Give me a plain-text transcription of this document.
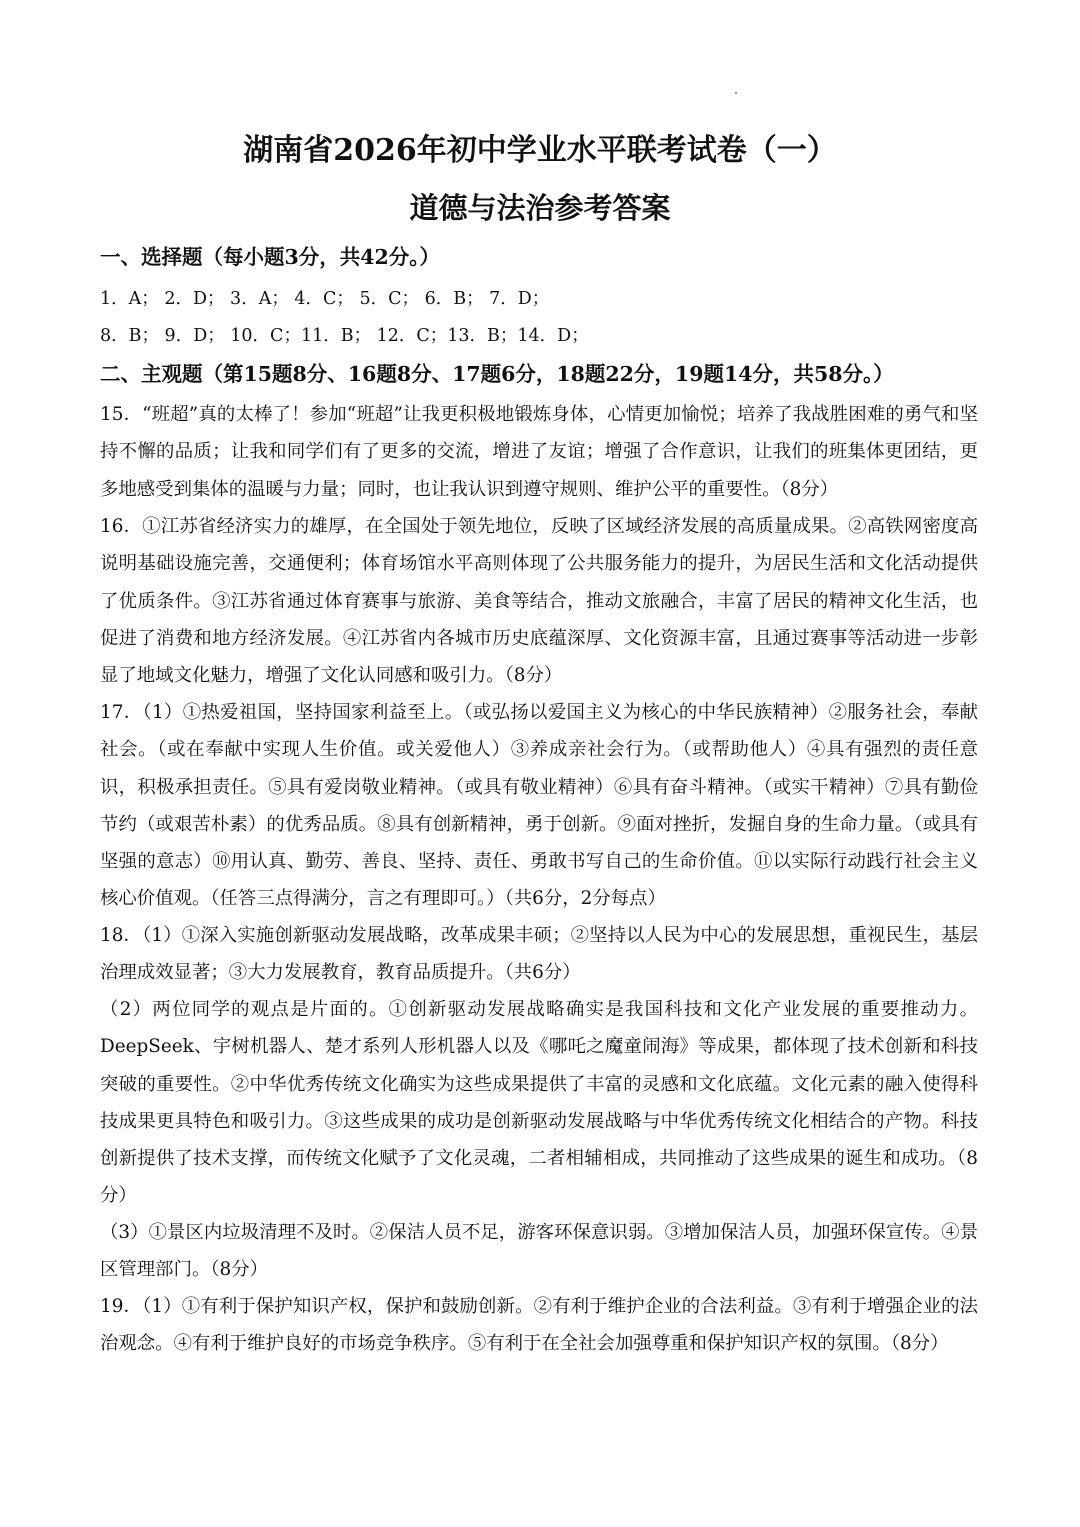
湖南省2026年初中学业水平联考试卷（一）
道德与法治参考答案
一、选择题（每小题3分，共42分。）
1．A； 2．D； 3．A； 4．C； 5．C； 6．B； 7．D；
8．B； 9．D； 10．C；11．B； 12．C；13．B；14．D；
二、主观题（第15题8分、16题8分、17题6分，18题22分，19题14分，共58分。）
15．“班超”真的太棒了！参加“班超”让我更积极地锻炼身体，心情更加愉悦；培养了我战胜困难的勇气和坚持不懈的品质；让我和同学们有了更多的交流，增进了友谊；增强了合作意识，让我们的班集体更团结，更多地感受到集体的温暖与力量；同时，也让我认识到遵守规则、维护公平的重要性。（8分）
16．①江苏省经济实力的雄厚，在全国处于领先地位，反映了区域经济发展的高质量成果。②高铁网密度高说明基础设施完善，交通便利；体育场馆水平高则体现了公共服务能力的提升，为居民生活和文化活动提供了优质条件。③江苏省通过体育赛事与旅游、美食等结合，推动文旅融合，丰富了居民的精神文化生活，也促进了消费和地方经济发展。④江苏省内各城市历史底蕴深厚、文化资源丰富，且通过赛事等活动进一步彰显了地域文化魅力，增强了文化认同感和吸引力。（8分）
17．（1）①热爱祖国，坚持国家利益至上。（或弘扬以爱国主义为核心的中华民族精神）②服务社会，奉献社会。（或在奉献中实现人生价值。或关爱他人）③养成亲社会行为。（或帮助他人）④具有强烈的责任意识，积极承担责任。⑤具有爱岗敬业精神。（或具有敬业精神）⑥具有奋斗精神。（或实干精神）⑦具有勤俭节约（或艰苦朴素）的优秀品质。⑧具有创新精神，勇于创新。⑨面对挫折，发掘自身的生命力量。（或具有坚强的意志）⑩用认真、勤劳、善良、坚持、责任、勇敢书写自己的生命价值。⑪以实际行动践行社会主义核心价值观。（任答三点得满分，言之有理即可。）（共6分，2分每点）
18．（1）①深入实施创新驱动发展战略，改革成果丰硕；②坚持以人民为中心的发展思想，重视民生，基层治理成效显著；③大力发展教育，教育品质提升。（共6分）
（2）两位同学的观点是片面的。①创新驱动发展战略确实是我国科技和文化产业发展的重要推动力。DeepSeek、宇树机器人、楚才系列人形机器人以及《哪吒之魔童闹海》等成果，都体现了技术创新和科技突破的重要性。②中华优秀传统文化确实为这些成果提供了丰富的灵感和文化底蕴。文化元素的融入使得科技成果更具特色和吸引力。③这些成果的成功是创新驱动发展战略与中华优秀传统文化相结合的产物。科技创新提供了技术支撑，而传统文化赋予了文化灵魂，二者相辅相成，共同推动了这些成果的诞生和成功。（8分）
（3）①景区内垃圾清理不及时。②保洁人员不足，游客环保意识弱。③增加保洁人员，加强环保宣传。④景区管理部门。（8分）
19．（1）①有利于保护知识产权，保护和鼓励创新。②有利于维护企业的合法利益。③有利于增强企业的法治观念。④有利于维护良好的市场竞争秩序。⑤有利于在全社会加强尊重和保护知识产权的氛围。（8分）
